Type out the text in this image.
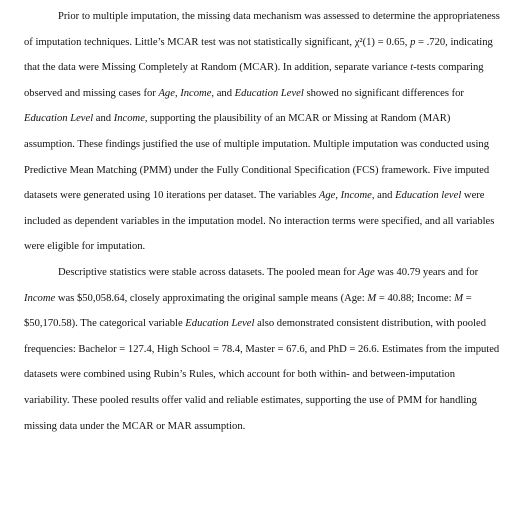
Prior to multiple imputation, the missing data mechanism was assessed to determine the appropriateness of imputation techniques. Little’s MCAR test was not statistically significant, χ²(1) = 0.65, p = .720, indicating that the data were Missing Completely at Random (MCAR). In addition, separate variance t-tests comparing observed and missing cases for Age, Income, and Education Level showed no significant differences for Education Level and Income, supporting the plausibility of an MCAR or Missing at Random (MAR) assumption. These findings justified the use of multiple imputation. Multiple imputation was conducted using Predictive Mean Matching (PMM) under the Fully Conditional Specification (FCS) framework. Five imputed datasets were generated using 10 iterations per dataset. The variables Age, Income, and Education level were included as dependent variables in the imputation model. No interaction terms were specified, and all variables were eligible for imputation.

Descriptive statistics were stable across datasets. The pooled mean for Age was 40.79 years and for Income was $50,058.64, closely approximating the original sample means (Age: M = 40.88; Income: M = $50,170.58). The categorical variable Education Level also demonstrated consistent distribution, with pooled frequencies: Bachelor = 127.4, High School = 78.4, Master = 67.6, and PhD = 26.6. Estimates from the imputed datasets were combined using Rubin’s Rules, which account for both within- and between-imputation variability. These pooled results offer valid and reliable estimates, supporting the use of PMM for handling missing data under the MCAR or MAR assumption.
